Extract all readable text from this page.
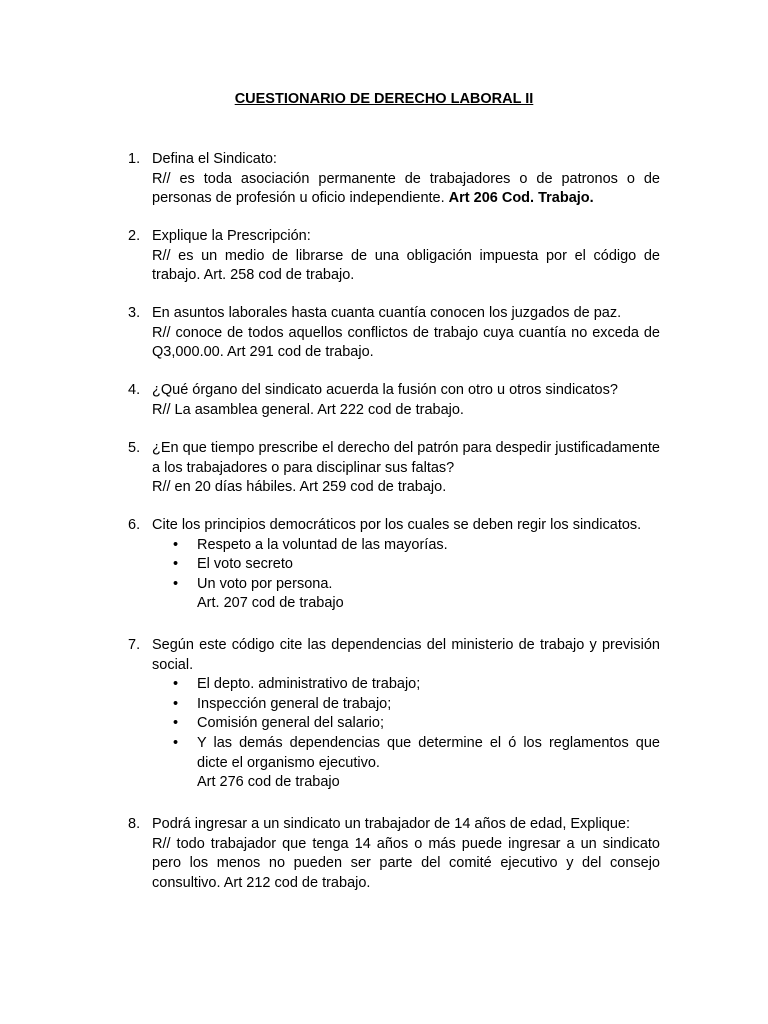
CUESTIONARIO DE DERECHO LABORAL II
1. Defina el Sindicato:
R// es toda asociación permanente de trabajadores o de patronos o de personas de profesión u oficio independiente. Art 206 Cod. Trabajo.
2. Explique la Prescripción:
R// es un medio de librarse de una obligación impuesta por el código de trabajo. Art. 258 cod de trabajo.
3. En asuntos laborales hasta cuanta cuantía conocen los juzgados de paz.
R// conoce de todos aquellos conflictos de trabajo cuya cuantía no exceda de Q3,000.00. Art 291 cod de trabajo.
4. ¿Qué órgano del sindicato acuerda la fusión con otro u otros sindicatos?
R// La asamblea general. Art 222 cod de trabajo.
5. ¿En que tiempo prescribe el derecho del patrón para despedir justificadamente a los trabajadores o para disciplinar sus faltas?
R// en 20 días hábiles. Art 259 cod de trabajo.
6. Cite los principios democráticos por los cuales se deben regir los sindicatos.
• Respeto a la voluntad de las mayorías.
• El voto secreto
• Un voto por persona.
Art. 207 cod de trabajo
7. Según este código cite las dependencias del ministerio de trabajo y previsión social.
• El depto. administrativo de trabajo;
• Inspección general de trabajo;
• Comisión general del salario;
• Y las demás dependencias que determine el ó los reglamentos que dicte el organismo ejecutivo.
Art 276 cod de trabajo
8. Podrá ingresar a un sindicato un trabajador de 14 años de edad, Explique:
R// todo trabajador que tenga 14 años o más puede ingresar a un sindicato pero los menos no pueden ser parte del comité ejecutivo y del consejo consultivo. Art 212 cod de trabajo.
